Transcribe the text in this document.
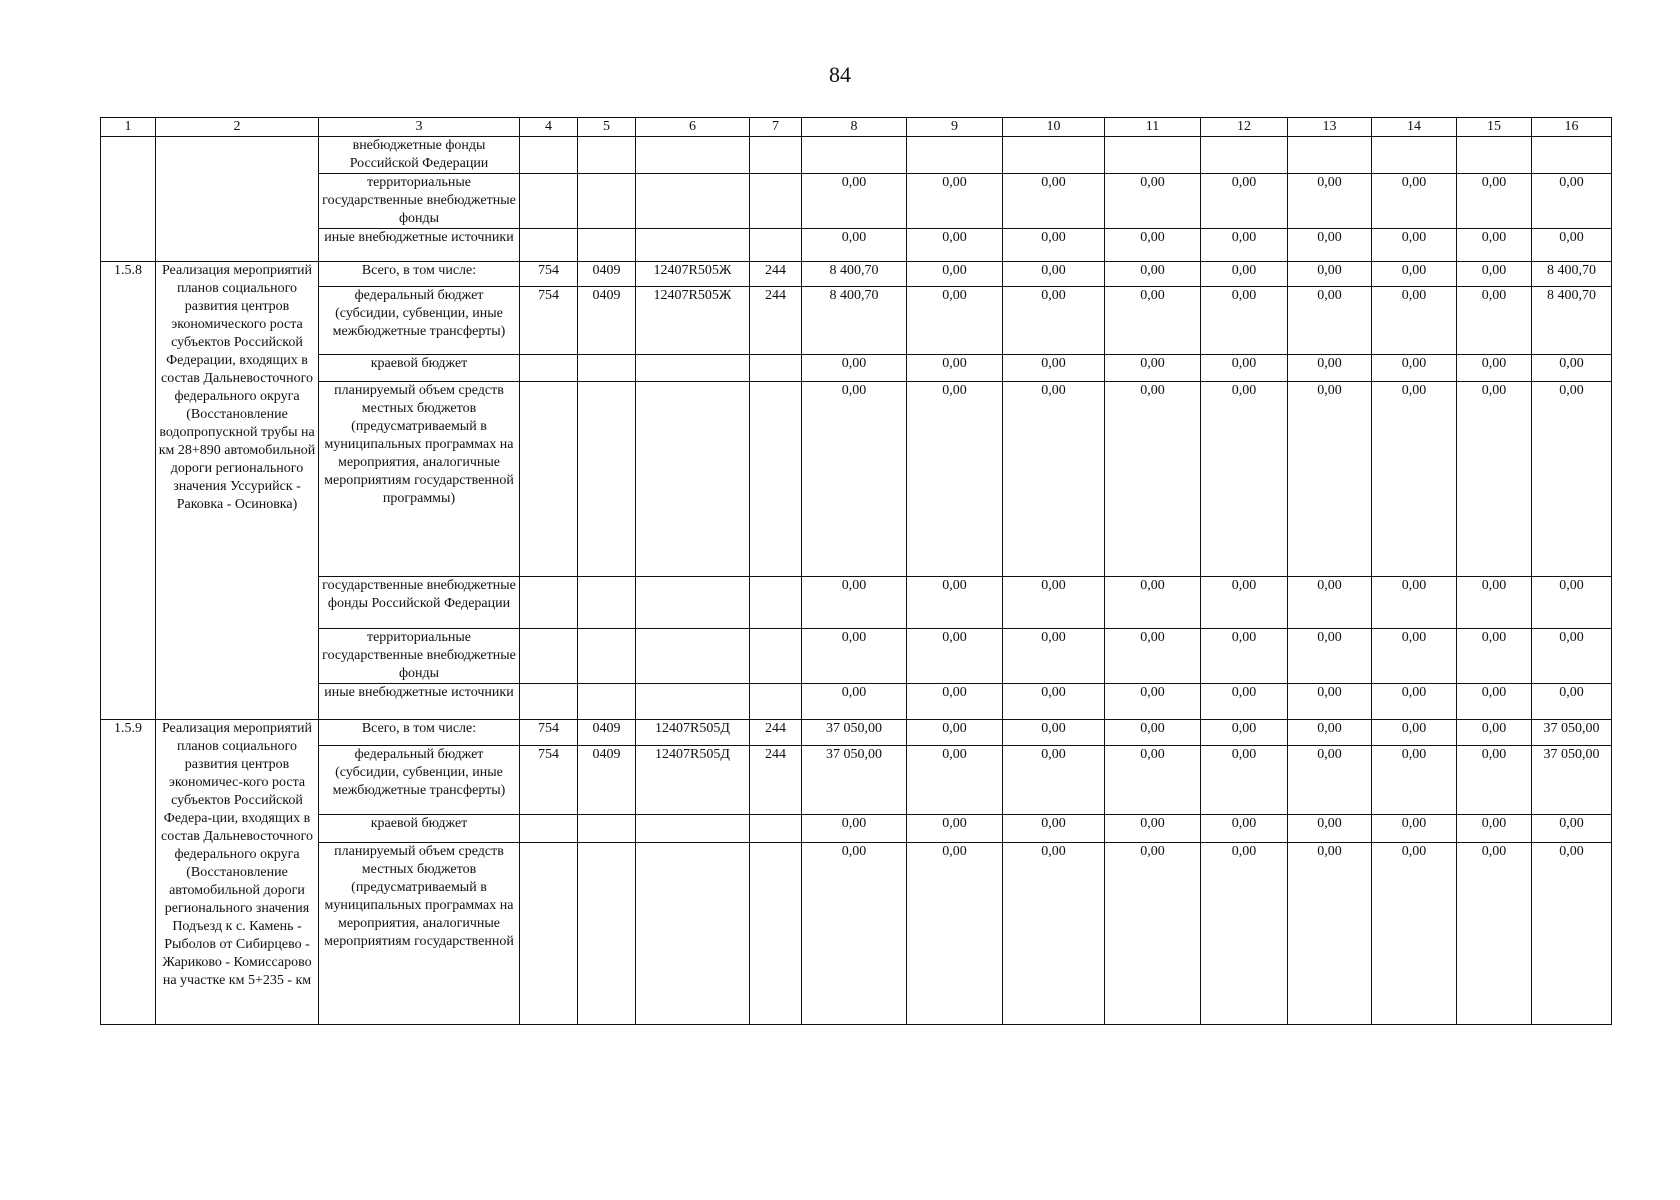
84
1	2	3	4	5	6	7	8	9	10	11	12	13	14	15	16
		внебюджетные фонды Российской Федерации													
		территориальные государственные внебюджетные фонды					0,00	0,00	0,00	0,00	0,00	0,00	0,00	0,00	0,00
		иные внебюджетные источники					0,00	0,00	0,00	0,00	0,00	0,00	0,00	0,00	0,00
1.5.8	Реализация мероприятий планов социального развития центров экономического роста субъектов Российской Федерации, входящих в состав Дальневосточного федерального округа (Восстановление водопропускной трубы на км 28+890 автомобильной дороги регионального значения Уссурийск - Раковка - Осиновка)	Всего, в том числе:	754	0409	12407R505Ж	244	8 400,70	0,00	0,00	0,00	0,00	0,00	0,00	0,00	8 400,70
		федеральный бюджет (субсидии, субвенции, иные межбюджетные трансферты)	754	0409	12407R505Ж	244	8 400,70	0,00	0,00	0,00	0,00	0,00	0,00	0,00	8 400,70
		краевой бюджет					0,00	0,00	0,00	0,00	0,00	0,00	0,00	0,00	0,00
		планируемый объем средств местных бюджетов (предусматриваемый в муниципальных программах на мероприятия, аналогичные мероприятиям государственной программы)					0,00	0,00	0,00	0,00	0,00	0,00	0,00	0,00	0,00
		государственные внебюджетные фонды Российской Федерации					0,00	0,00	0,00	0,00	0,00	0,00	0,00	0,00	0,00
		территориальные государственные внебюджетные фонды					0,00	0,00	0,00	0,00	0,00	0,00	0,00	0,00	0,00
		иные внебюджетные источники					0,00	0,00	0,00	0,00	0,00	0,00	0,00	0,00	0,00
1.5.9	Реализация мероприятий планов социального развития центров экономичес-кого роста субъектов Российской Федера-ции, входящих в состав Дальневосточного федерального округа (Восстановление автомобильной дороги регионального значения Подъезд к с. Камень - Рыболов от Сибирцево - Жариково - Комиссарово на участке км 5+235 - км	Всего, в том числе:	754	0409	12407R505Д	244	37 050,00	0,00	0,00	0,00	0,00	0,00	0,00	0,00	37 050,00
		федеральный бюджет (субсидии, субвенции, иные межбюджетные трансферты)	754	0409	12407R505Д	244	37 050,00	0,00	0,00	0,00	0,00	0,00	0,00	0,00	37 050,00
		краевой бюджет					0,00	0,00	0,00	0,00	0,00	0,00	0,00	0,00	0,00
		планируемый объем средств местных бюджетов (предусматриваемый в муниципальных программах на мероприятия, аналогичные мероприятиям государственной					0,00	0,00	0,00	0,00	0,00	0,00	0,00	0,00	0,00
